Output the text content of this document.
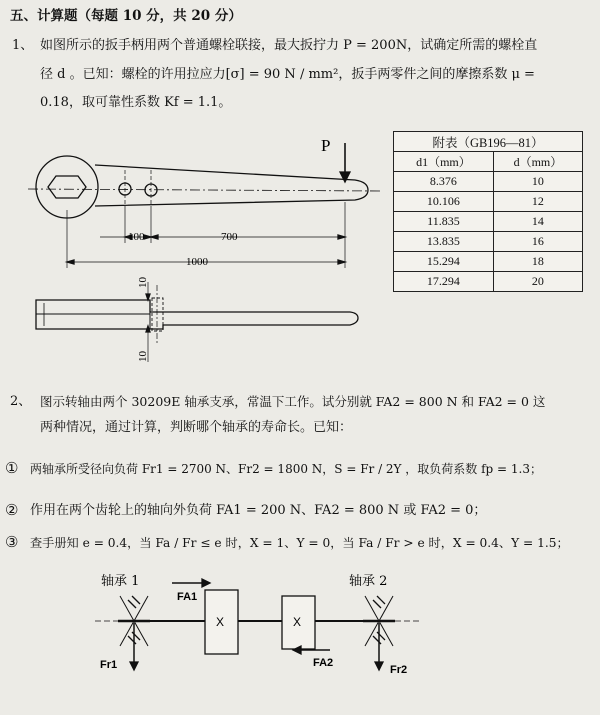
五、计算题（每题 10 分，共 20 分）
1、 如图所示的扳手柄用两个普通螺栓联接，最大扳拧力 P = 200N，试确定所需的螺栓直
径 d 。已知：螺栓的许用拉应力[σ] = 90 N / mm²，扳手两零件之间的摩擦系数 μ =
0.18，取可靠性系数 Kf = 1.1。
P
100	700
1000
10
10
附表（GB196—81）	
d1（mm）	d（mm）
8.376	10
10.106	12
11.835	14
13.835	16
15.294	18
17.294	20
2、 图示转轴由两个 30209E 轴承支承，常温下工作。试分别就 FA2 = 800 N 和 FA2 = 0 这
两种情况，通过计算，判断哪个轴承的寿命长。已知：
① 两轴承所受径向负荷 Fr1 = 2700 N、Fr2 = 1800 N，S = Fr / 2Y ，取负荷系数 fp = 1.3；
② 作用在两个齿轮上的轴向外负荷 FA1 = 200 N、FA2 = 800 N 或 FA2 = 0；
③ 查手册知 e = 0.4，当 Fa / Fr ≤ e 时，X = 1、Y = 0，当 Fa / Fr > e 时，X = 0.4、Y = 1.5；
轴承 1	轴承 2
FA1
FA2
Fr1	Fr2
X	X
